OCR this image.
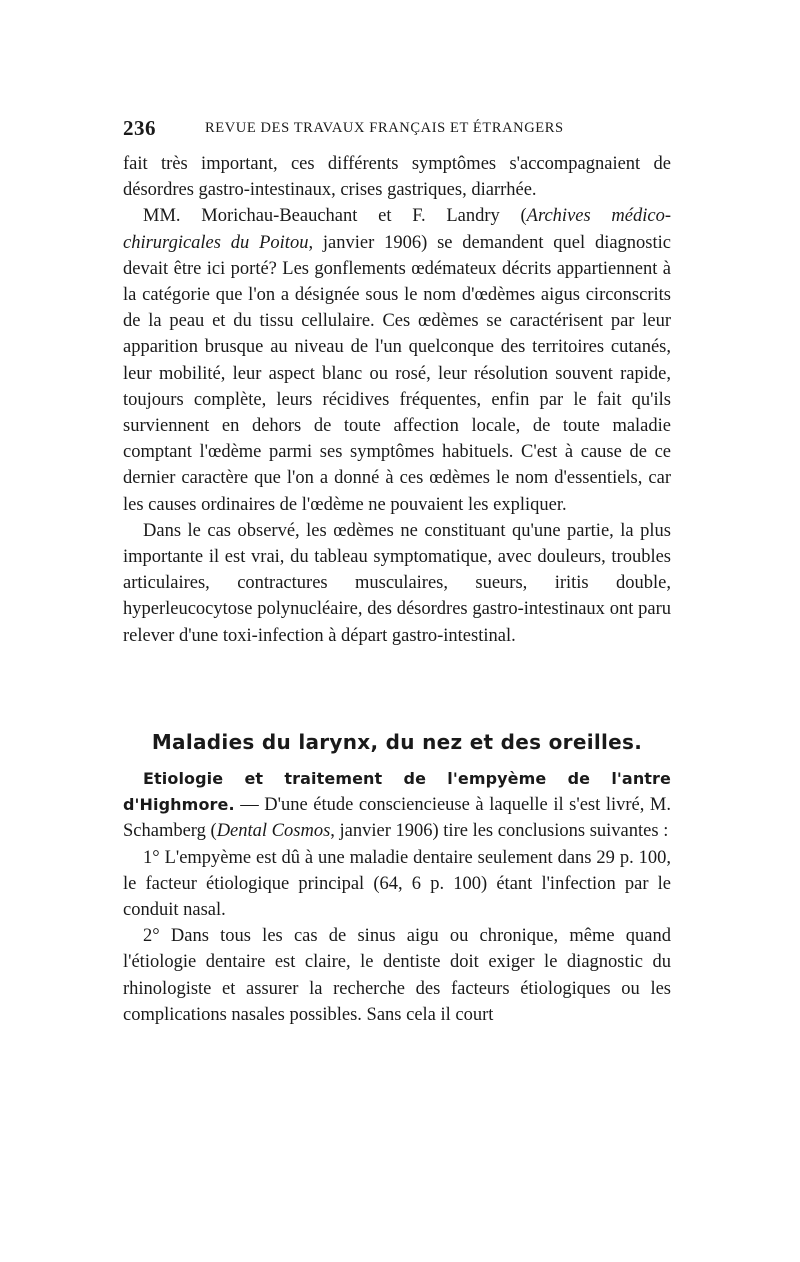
236	REVUE DES TRAVAUX FRANÇAIS ET ÉTRANGERS

fait très important, ces différents symptômes s'accompagnaient de désordres gastro-intestinaux, crises gastriques, diarrhée.

MM. Morichau-Beauchant et F. Landry (Archives médico-chirurgicales du Poitou, janvier 1906) se demandent quel diagnostic devait être ici porté? Les gonflements œdémateux décrits appartiennent à la catégorie que l'on a désignée sous le nom d'œdèmes aigus circonscrits de la peau et du tissu cellulaire. Ces œdèmes se caractérisent par leur apparition brusque au niveau de l'un quelconque des territoires cutanés, leur mobilité, leur aspect blanc ou rosé, leur résolution souvent rapide, toujours complète, leurs récidives fréquentes, enfin par le fait qu'ils surviennent en dehors de toute affection locale, de toute maladie comptant l'œdème parmi ses symptômes habituels. C'est à cause de ce dernier caractère que l'on a donné à ces œdèmes le nom d'essentiels, car les causes ordinaires de l'œdème ne pouvaient les expliquer.

Dans le cas observé, les œdèmes ne constituant qu'une partie, la plus importante il est vrai, du tableau symptomatique, avec douleurs, troubles articulaires, contractures musculaires, sueurs, iritis double, hyperleucocytose polynucléaire, des désordres gastro-intestinaux ont paru relever d'une toxi-infection à départ gastro-intestinal.

Maladies du larynx, du nez et des oreilles.

Etiologie et traitement de l'empyème de l'antre d'Highmore. — D'une étude consciencieuse à laquelle il s'est livré, M. Schamberg (Dental Cosmos, janvier 1906) tire les conclusions suivantes :

1° L'empyème est dû à une maladie dentaire seulement dans 29 p. 100, le facteur étiologique principal (64, 6 p. 100) étant l'infection par le conduit nasal.

2° Dans tous les cas de sinus aigu ou chronique, même quand l'étiologie dentaire est claire, le dentiste doit exiger le diagnostic du rhinologiste et assurer la recherche des facteurs étiologiques ou les complications nasales possibles. Sans cela il court
